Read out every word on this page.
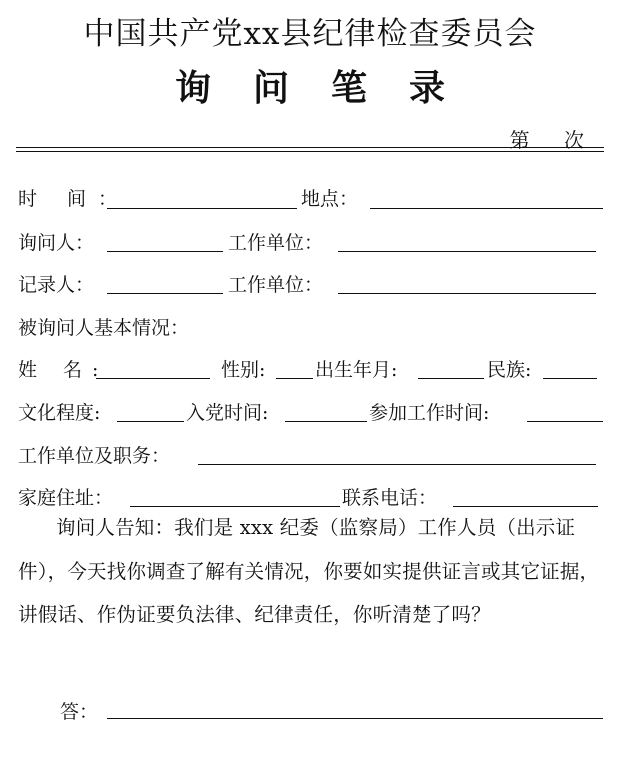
中国共产党xx县纪律检查委员会
询问笔录
第 次
时 间：	地点：
询问人：	工作单位：
记录人：	工作单位：
被询问人基本情况：
姓 名:	性别:	出生年月:	民族:
文化程度:	入党时间:	参加工作时间:
工作单位及职务：
家庭住址：	联系电话：
询问人告知：我们是 xxx 纪委（监察局）工作人员（出示证件），今天找你调查了解有关情况，你要如实提供证言或其它证据，讲假话、作伪证要负法律、纪律责任，你听清楚了吗？
答：
